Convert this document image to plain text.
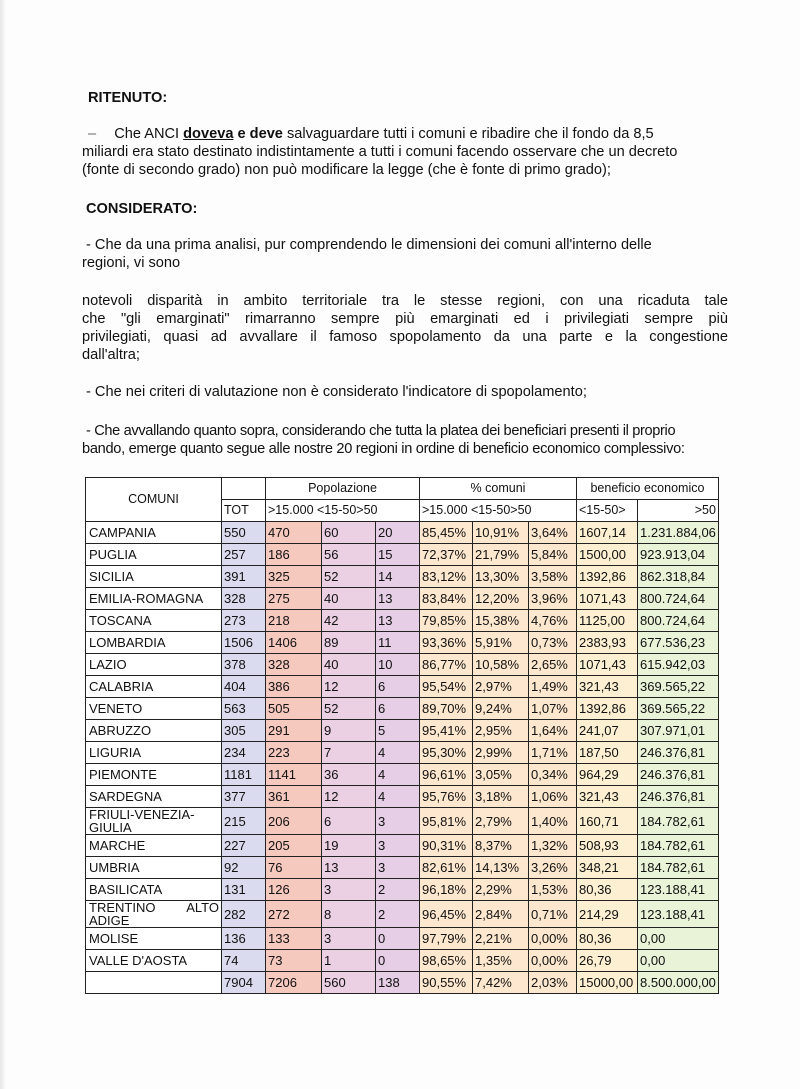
RITENUTO:
– Che ANCI doveva e deve salvaguardare tutti i comuni e ribadire che il fondo da 8,5
miliardi era stato destinato indistintamente a tutti i comuni facendo osservare che un decreto
(fonte di secondo grado) non può modificare la legge (che è fonte di primo grado);
CONSIDERATO:
- Che da una prima analisi, pur comprendendo le dimensioni dei comuni all'interno delle
regioni, vi sono
notevoli disparità in ambito territoriale tra le stesse regioni, con una ricaduta tale
che "gli emarginati" rimarranno sempre più emarginati ed i privilegiati sempre più
privilegiati, quasi ad avvallare il famoso spopolamento da una parte e la congestione
dall'altra;
- Che nei criteri di valutazione non è considerato l'indicatore di spopolamento;
- Che avvallando quanto sopra, considerando che tutta la platea dei beneficiari presenti il proprio
bando, emerge quanto segue alle nostre 20 regioni in ordine di beneficio economico complessivo:
COMUNI		Popolazione			% comuni			beneficio economico	
	TOT	>15.000 <15-50>50			>15.000 <15-50>50			<15-50>	>50
CAMPANIA	550	470	60	20	85,45%	10,91%	3,64%	1607,14	1.231.884,06
PUGLIA	257	186	56	15	72,37%	21,79%	5,84%	1500,00	923.913,04
SICILIA	391	325	52	14	83,12%	13,30%	3,58%	1392,86	862.318,84
EMILIA-ROMAGNA	328	275	40	13	83,84%	12,20%	3,96%	1071,43	800.724,64
TOSCANA	273	218	42	13	79,85%	15,38%	4,76%	1125,00	800.724,64
LOMBARDIA	1506	1406	89	11	93,36%	5,91%	0,73%	2383,93	677.536,23
LAZIO	378	328	40	10	86,77%	10,58%	2,65%	1071,43	615.942,03
CALABRIA	404	386	12	6	95,54%	2,97%	1,49%	321,43	369.565,22
VENETO	563	505	52	6	89,70%	9,24%	1,07%	1392,86	369.565,22
ABRUZZO	305	291	9	5	95,41%	2,95%	1,64%	241,07	307.971,01
LIGURIA	234	223	7	4	95,30%	2,99%	1,71%	187,50	246.376,81
PIEMONTE	1181	1141	36	4	96,61%	3,05%	0,34%	964,29	246.376,81
SARDEGNA	377	361	12	4	95,76%	3,18%	1,06%	321,43	246.376,81
FRIULI-VENEZIA-GIULIA	215	206	6	3	95,81%	2,79%	1,40%	160,71	184.782,61
MARCHE	227	205	19	3	90,31%	8,37%	1,32%	508,93	184.782,61
UMBRIA	92	76	13	3	82,61%	14,13%	3,26%	348,21	184.782,61
BASILICATA	131	126	3	2	96,18%	2,29%	1,53%	80,36	123.188,41
TRENTINO ALTO ADIGE	282	272	8	2	96,45%	2,84%	0,71%	214,29	123.188,41
MOLISE	136	133	3	0	97,79%	2,21%	0,00%	80,36	0,00
VALLE D'AOSTA	74	73	1	0	98,65%	1,35%	0,00%	26,79	0,00
	7904	7206	560	138	90,55%	7,42%	2,03%	15000,00	8.500.000,00
